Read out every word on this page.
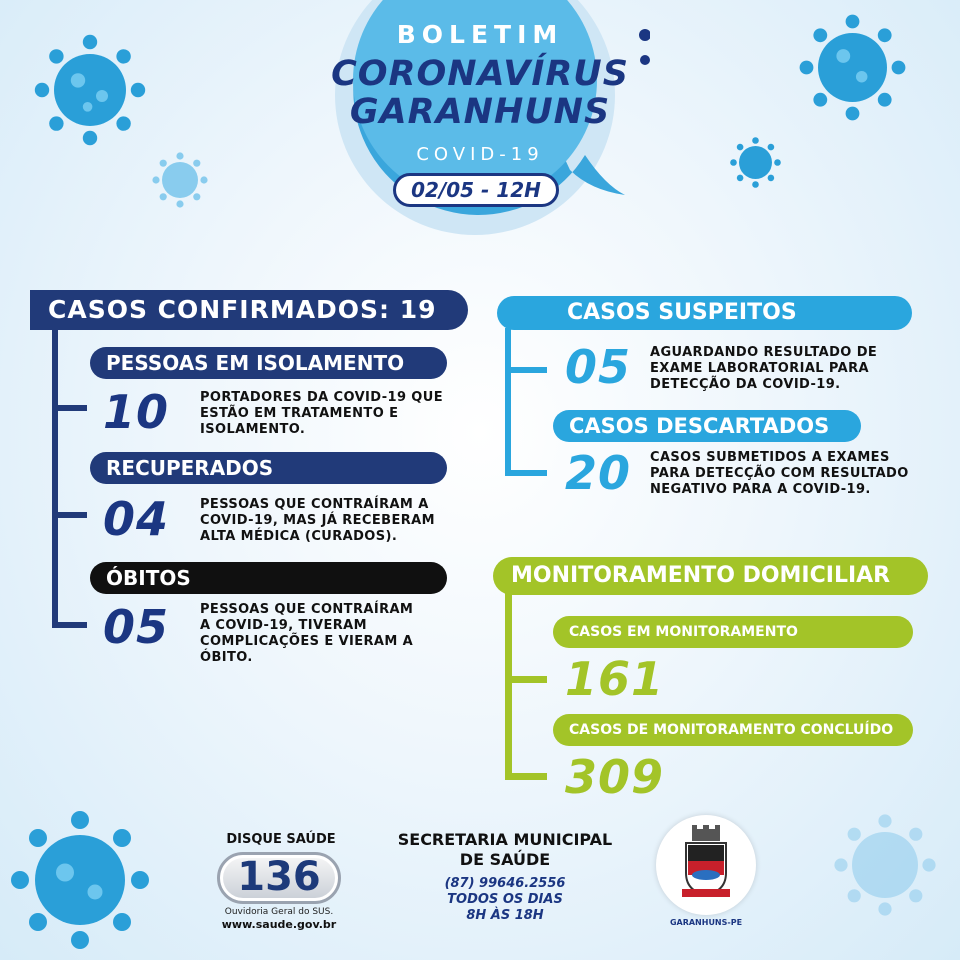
BOLETIM
CORONAVÍRUS
GARANHUNS
COVID-19
02/05 - 12H
CASOS CONFIRMADOS: 19
PESSOAS EM ISOLAMENTO
10 PORTADORES DA COVID-19 QUE ESTÃO EM TRATAMENTO E ISOLAMENTO.
RECUPERADOS
04 PESSOAS QUE CONTRAÍRAM A COVID-19, MAS JÁ RECEBERAM ALTA MÉDICA (CURADOS).
ÓBITOS
05 PESSOAS QUE CONTRAÍRAM A COVID-19, TIVERAM COMPLICAÇÕES E VIERAM A ÓBITO.
CASOS SUSPEITOS
05 AGUARDANDO RESULTADO DE EXAME LABORATORIAL PARA DETECÇÃO DA COVID-19.
CASOS DESCARTADOS
20 CASOS SUBMETIDOS A EXAMES PARA DETECÇÃO COM RESULTADO NEGATIVO PARA A COVID-19.
MONITORAMENTO DOMICILIAR
CASOS EM MONITORAMENTO
161
CASOS DE MONITORAMENTO CONCLUÍDO
309
DISQUE SAÚDE
136
Ouvidoria Geral do SUS.
www.saude.gov.br
SECRETARIA MUNICIPAL
DE SAÚDE
(87) 99646.2556
TODOS OS DIAS
8H ÀS 18H	GARANHUNS-PE
